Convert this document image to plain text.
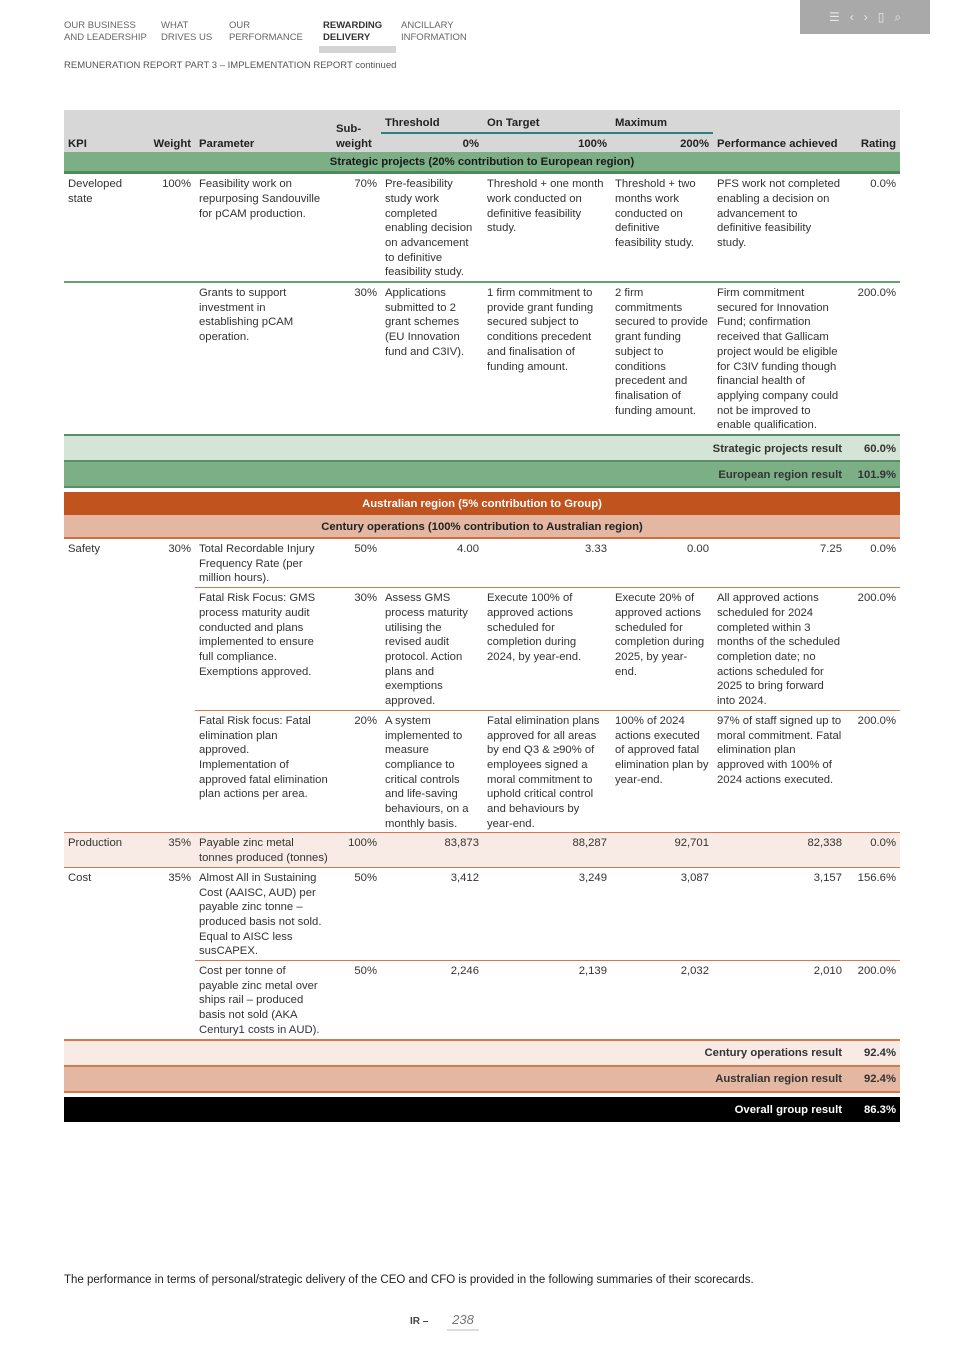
OUR BUSINESS
AND LEADERSHIP
WHAT
DRIVES US
OUR
PERFORMANCE
REWARDING
DELIVERY
ANCILLARY
INFORMATION
☰ ‹ › ▯ ⌕
REMUNERATION REPORT PART 3 – IMPLEMENTATION REPORT continued
KPI	Weight	Parameter	Sub-weight	Threshold	On Target	Maximum	Performance achieved	Rating
				0%	100%	200%		
Strategic projects (20% contribution to European region)								
Developed state	100%	Feasibility work on repurposing Sandouville for pCAM production.	70%	Pre-feasibility study work completed enabling decision on advancement to definitive feasibility study.	Threshold + one month work conducted on definitive feasibility study.	Threshold + two months work conducted on definitive feasibility study.	PFS work not completed enabling a decision on advancement to definitive feasibility study.	0.0%
		Grants to support investment in establishing pCAM operation.	30%	Applications submitted to 2 grant schemes (EU Innovation fund and C3IV).	1 firm commitment to provide grant funding secured subject to conditions precedent and finalisation of funding amount.	2 firm commitments secured to provide grant funding subject to conditions precedent and finalisation of funding amount.	Firm commitment secured for Innovation Fund; confirmation received that Gallicam project would be eligible for C3IV funding though financial health of applying company could not be improved to enable qualification.	200.0%
Strategic projects result								60.0%
European region result								101.9%

Australian region (5% contribution to Group)								
Century operations (100% contribution to Australian region)								
Safety	30%	Total Recordable Injury Frequency Rate (per million hours).	50%	4.00	3.33	0.00	7.25	0.0%
		Fatal Risk Focus: GMS process maturity audit conducted and plans implemented to ensure full compliance. Exemptions approved.	30%	Assess GMS process maturity utilising the revised audit protocol. Action plans and exemptions approved.	Execute 100% of approved actions scheduled for completion during 2024, by year-end.	Execute 20% of approved actions scheduled for completion during 2025, by year-end.	All approved actions scheduled for 2024 completed within 3 months of the scheduled completion date; no actions scheduled for 2025 to bring forward into 2024.	200.0%
		Fatal Risk focus: Fatal elimination plan approved. Implementation of approved fatal elimination plan actions per area.	20%	A system implemented to measure compliance to critical controls and life-saving behaviours, on a monthly basis.	Fatal elimination plans approved for all areas by end Q3 & ≥90% of employees signed a moral commitment to uphold critical control and behaviours by year-end.	100% of 2024 actions executed of approved fatal elimination plan by year-end.	97% of staff signed up to moral commitment. Fatal elimination plan approved with 100% of 2024 actions executed.	200.0%
Production	35%	Payable zinc metal tonnes produced (tonnes)	100%	83,873	88,287	92,701	82,338	0.0%
Cost	35%	Almost All in Sustaining Cost (AAISC, AUD) per payable zinc tonne – produced basis not sold. Equal to AISC less susCAPEX.	50%	3,412	3,249	3,087	3,157	156.6%
		Cost per tonne of payable zinc metal over ships rail – produced basis not sold (AKA Century1 costs in AUD).	50%	2,246	2,139	2,032	2,010	200.0%
Century operations result								92.4%
Australian region result								92.4%

Overall group result								86.3%
The performance in terms of personal/strategic delivery of the CEO and CFO is provided in the following summaries of their scorecards.
IR –	238
